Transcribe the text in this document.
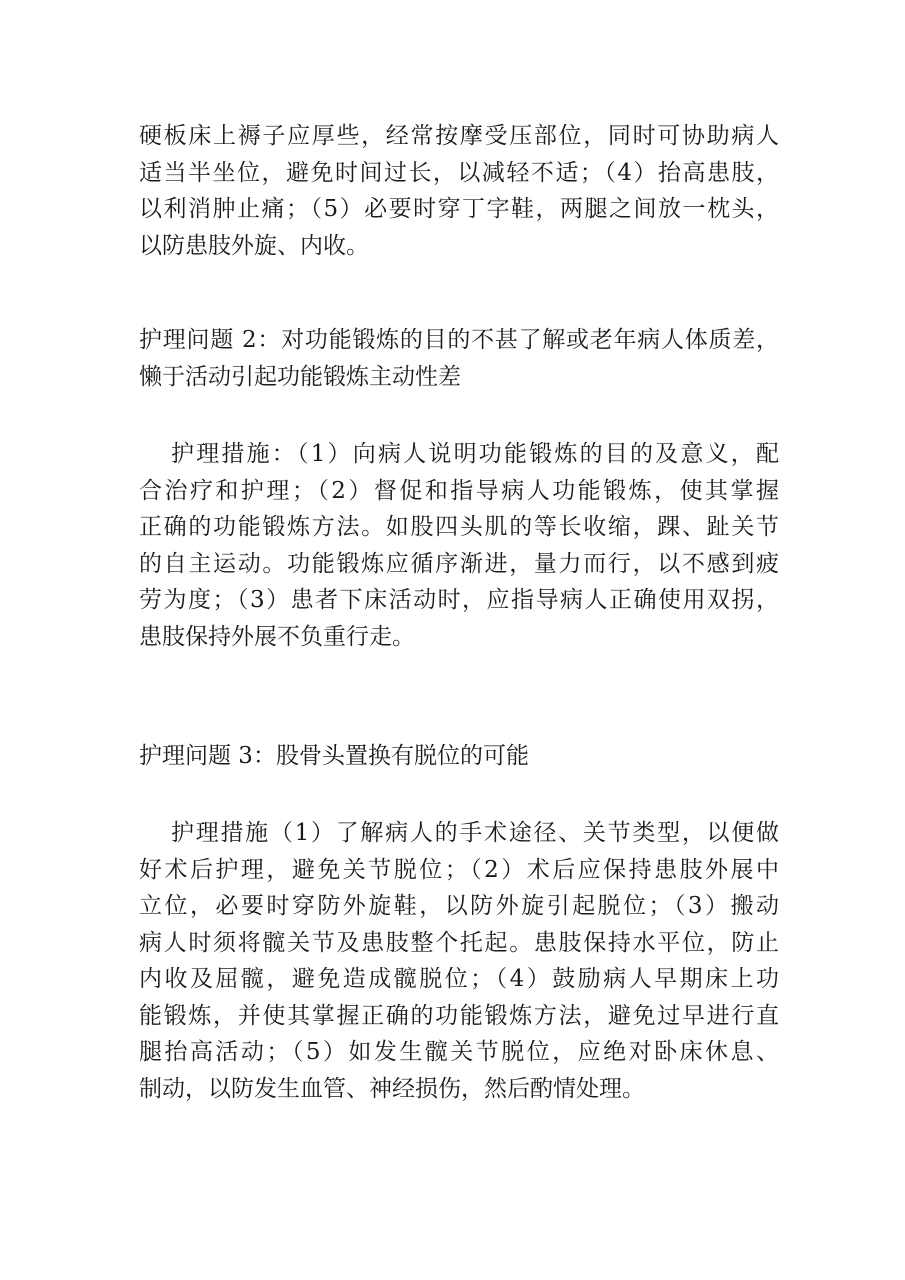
硬板床上褥子应厚些，经常按摩受压部位，同时可协助病人
适当半坐位，避免时间过长，以减轻不适；（4）抬高患肢，
以利消肿止痛；（5）必要时穿丁字鞋，两腿之间放一枕头，
以防患肢外旋、内收。
护理问题 2：对功能锻炼的目的不甚了解或老年病人体质差，
懒于活动引起功能锻炼主动性差
护理措施：（1）向病人说明功能锻炼的目的及意义，配
合治疗和护理；（2）督促和指导病人功能锻炼，使其掌握
正确的功能锻炼方法。如股四头肌的等长收缩，踝、趾关节
的自主运动。功能锻炼应循序渐进，量力而行，以不感到疲
劳为度；（3）患者下床活动时，应指导病人正确使用双拐，
患肢保持外展不负重行走。
护理问题 3：股骨头置换有脱位的可能
护理措施（1）了解病人的手术途径、关节类型，以便做
好术后护理，避免关节脱位；（2）术后应保持患肢外展中
立位，必要时穿防外旋鞋，以防外旋引起脱位；（3）搬动
病人时须将髋关节及患肢整个托起。患肢保持水平位，防止
内收及屈髋，避免造成髋脱位；（4）鼓励病人早期床上功
能锻炼，并使其掌握正确的功能锻炼方法，避免过早进行直
腿抬高活动；（5）如发生髋关节脱位，应绝对卧床休息、
制动，以防发生血管、神经损伤，然后酌情处理。
